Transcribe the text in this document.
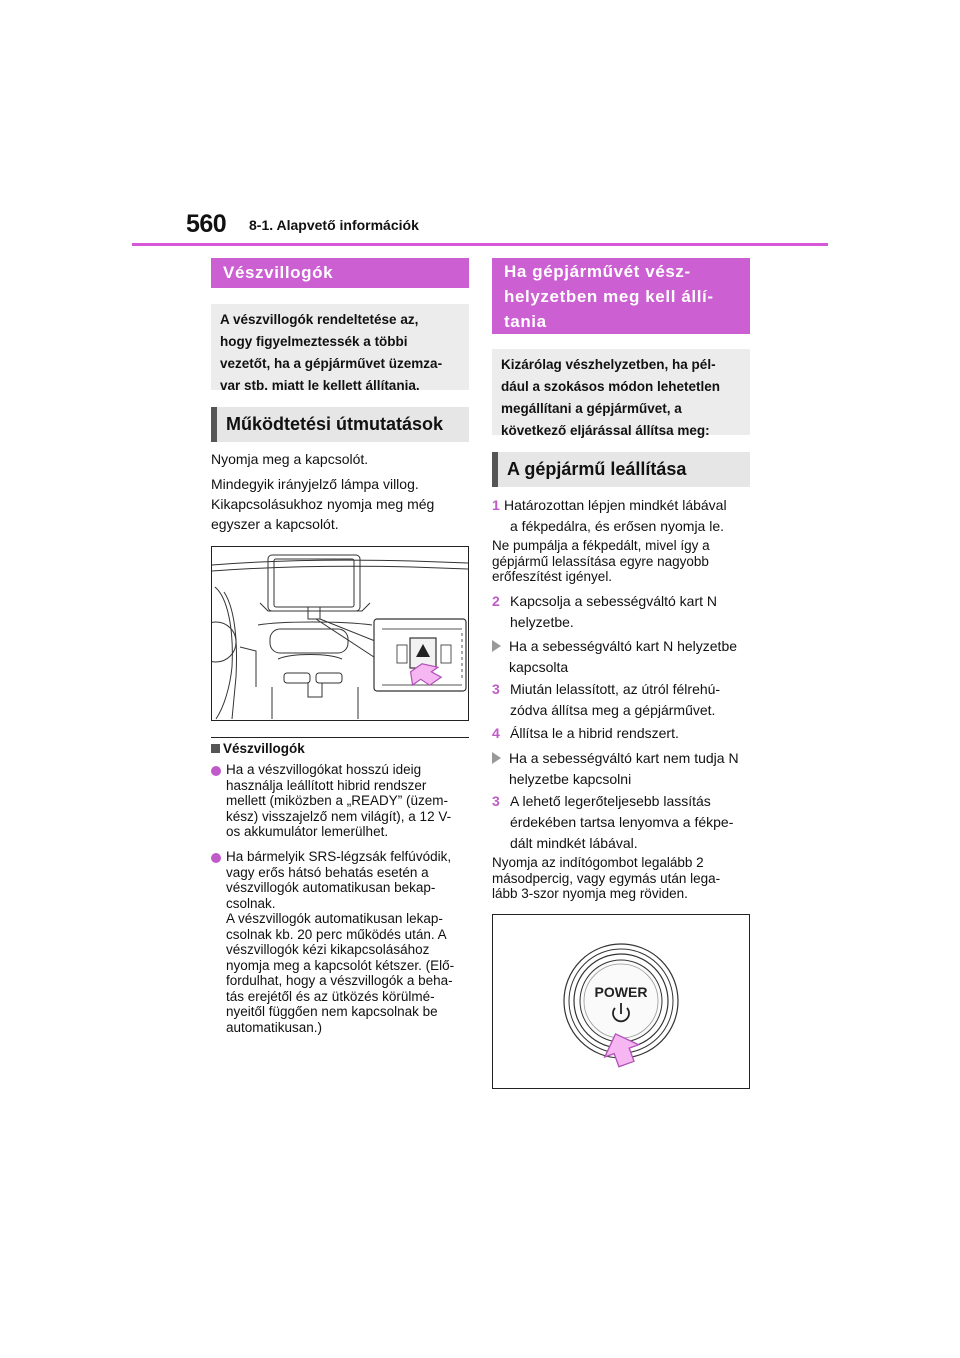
560 8-1. Alapvető információk
Vészvillogók
A vészvillogók rendeltetése az,
hogy figyelmeztessék a többi
vezetőt, ha a gépjárművet üzemza-
var stb. miatt le kellett állítania.
Működtetési útmutatások
Nyomja meg a kapcsolót.
Mindegyik irányjelző lámpa villog.
Kikapcsolásukhoz nyomja meg még
egyszer a kapcsolót.
Vészvillogók
Ha a vészvillogókat hosszú ideig
használja leállított hibrid rendszer
mellett (miközben a „READY” (üzem-
kész) visszajelző nem világít), a 12 V-
os akkumulátor lemerülhet.
Ha bármelyik SRS-légzsák felfúvódik,
vagy erős hátsó behatás esetén a
vészvillogók automatikusan bekap-
csolnak.
A vészvillogók automatikusan lekap-
csolnak kb. 20 perc működés után. A
vészvillogók kézi kikapcsolásához
nyomja meg a kapcsolót kétszer. (Elő-
fordulhat, hogy a vészvillogók a beha-
tás erejétől és az ütközés körülmé-
nyeitől függően nem kapcsolnak be
automatikusan.)
Ha gépjárművét vész-
helyzetben meg kell állí-
tania
Kizárólag vészhelyzetben, ha pél-
dául a szokásos módon lehetetlen
megállítani a gépjárművet, a
következő eljárással állítsa meg:
A gépjármű leállítása
1 Határozottan lépjen mindkét lábával
a fékpedálra, és erősen nyomja le.
Ne pumpálja a fékpedált, mivel így a
gépjármű lelassítása egyre nagyobb
erőfeszítést igényel.
2 Kapcsolja a sebességváltó kart N
helyzetbe.
Ha a sebességváltó kart N helyzetbe
kapcsolta
3 Miután lelassított, az útról félrehú-
zódva állítsa meg a gépjárművet.
4 Állítsa le a hibrid rendszert.
Ha a sebességváltó kart nem tudja N
helyzetbe kapcsolni
3 A lehető legerőteljesebb lassítás
érdekében tartsa lenyomva a fékpe-
dált mindkét lábával.
Nyomja az indítógombot legalább 2
másodpercig, vagy egymás után lega-
lább 3-szor nyomja meg röviden.
POWER
